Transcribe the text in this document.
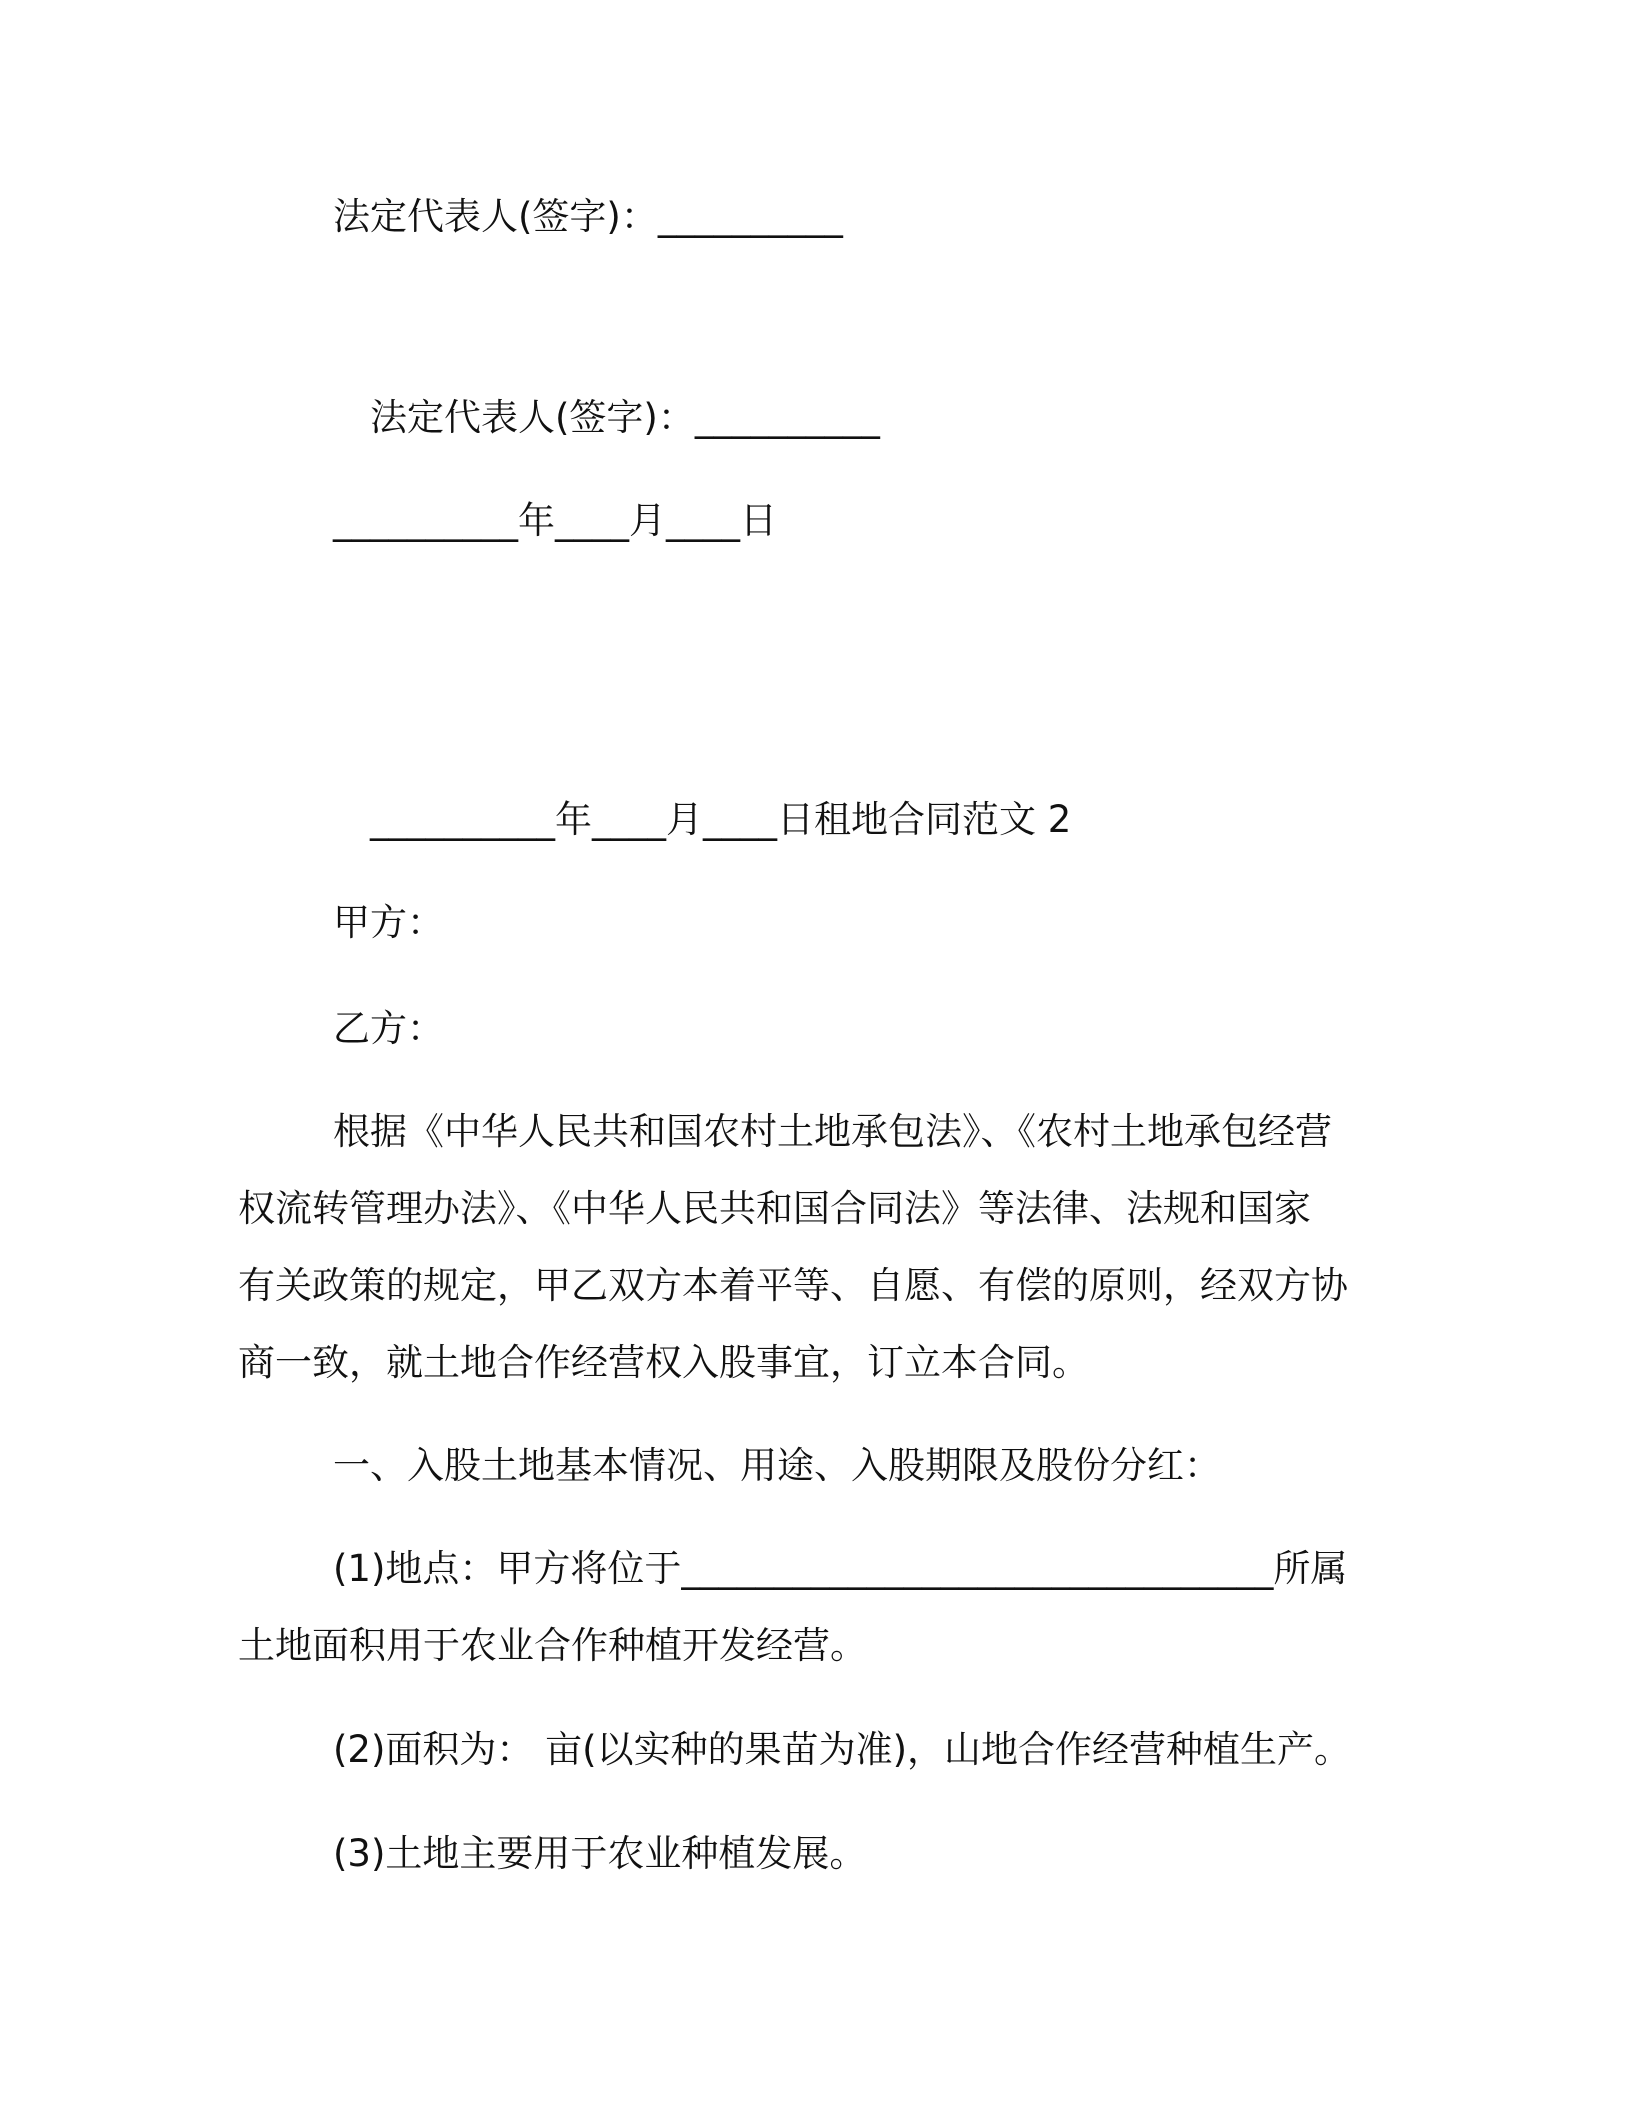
法定代表人(签字)：__________

法定代表人(签字)：__________

__________年____月____日

__________年____月____日租地合同范文 2

甲方：

乙方：

根据《中华人民共和国农村土地承包法》、《农村土地承包经营

权流转管理办法》、《中华人民共和国合同法》等法律、法规和国家

有关政策的规定，甲乙双方本着平等、自愿、有偿的原则，经双方协

商一致，就土地合作经营权入股事宜，订立本合同。

一、入股土地基本情况、用途、入股期限及股份分红：

(1)地点：甲方将位于________________________________所属

土地面积用于农业合作种植开发经营。

(2)面积为： 亩(以实种的果苗为准)，山地合作经营种植生产。

(3)土地主要用于农业种植发展。
